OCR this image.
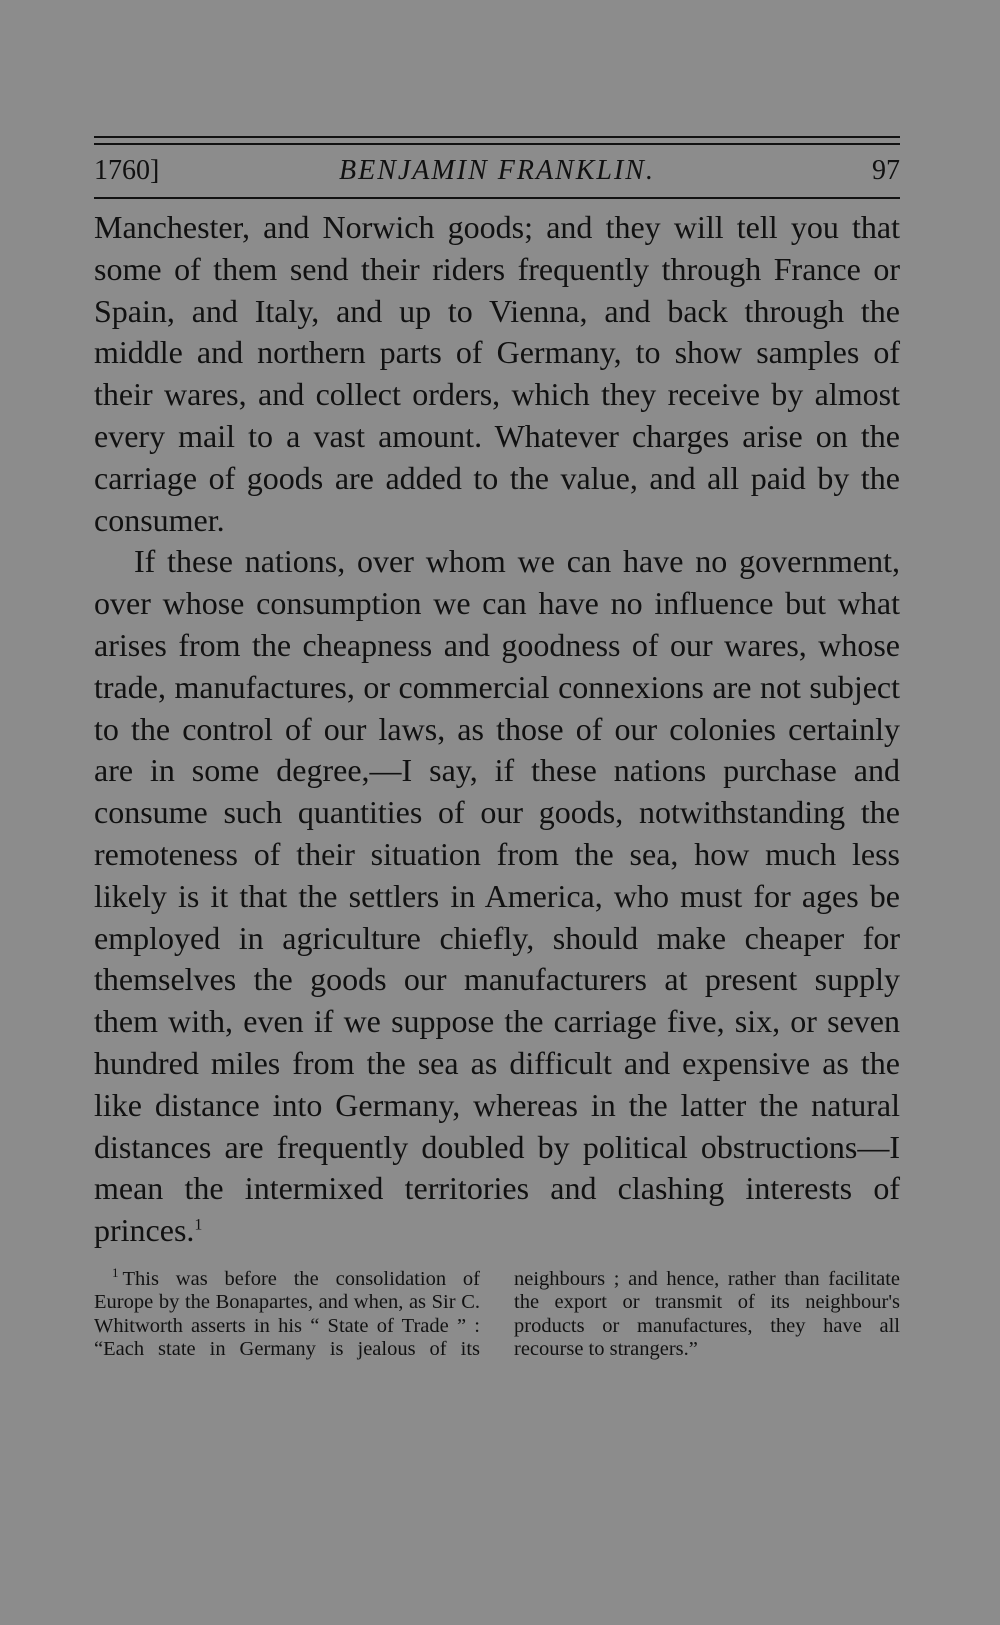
1760]	BENJAMIN FRANKLIN.	97

Manchester, and Norwich goods; and they will tell you that some of them send their riders frequently through France or Spain, and Italy, and up to Vienna, and back through the middle and northern parts of Germany, to show samples of their wares, and collect orders, which they receive by almost every mail to a vast amount. Whatever charges arise on the carriage of goods are added to the value, and all paid by the consumer.

If these nations, over whom we can have no government, over whose consumption we can have no influence but what arises from the cheapness and goodness of our wares, whose trade, manufactures, or commercial connexions are not subject to the control of our laws, as those of our colonies certainly are in some degree,—I say, if these nations purchase and consume such quantities of our goods, notwithstanding the remoteness of their situation from the sea, how much less likely is it that the settlers in America, who must for ages be employed in agriculture chiefly, should make cheaper for themselves the goods our manufacturers at present supply them with, even if we suppose the carriage five, six, or seven hundred miles from the sea as difficult and expensive as the like distance into Germany, whereas in the latter the natural distances are frequently doubled by political obstructions—I mean the intermixed territories and clashing interests of princes.$^1$

$^1$ This was before the consolidation of Europe by the Bonapartes, and when, as Sir C. Whitworth asserts in his “ State of Trade ” : “Each state in Germany is jealous of its neighbours ; and hence, rather than facilitate the export or transmit of its neighbour's products or manufactures, they have all recourse to strangers.”
